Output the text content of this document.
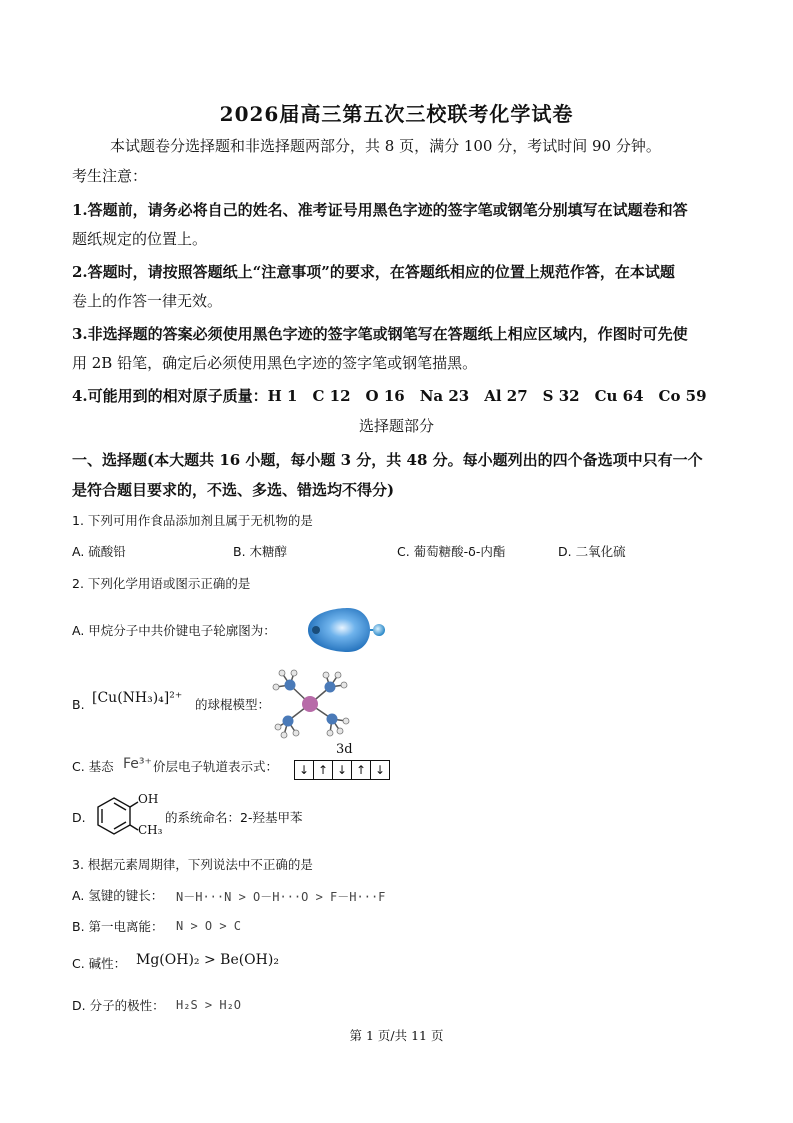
2026届高三第五次三校联考化学试卷
本试题卷分选择题和非选择题两部分，共 8 页，满分 100 分，考试时间 90 分钟。
考生注意：
1.答题前，请务必将自己的姓名、准考证号用黑色字迹的签字笔或钢笔分别填写在试题卷和答
题纸规定的位置上。
2.答题时，请按照答题纸上“注意事项”的要求，在答题纸相应的位置上规范作答，在本试题
卷上的作答一律无效。
3.非选择题的答案必须使用黑色字迹的签字笔或钢笔写在答题纸上相应区域内，作图时可先使
用 2B 铅笔，确定后必须使用黑色字迹的签字笔或钢笔描黑。
4.可能用到的相对原子质量：H 1　C 12　O 16　Na 23　Al 27　S 32　Cu 64　Co 59
选择题部分
一、选择题(本大题共 16 小题，每小题 3 分，共 48 分。每小题列出的四个备选项中只有一个
是符合题目要求的，不选、多选、错选均不得分)
1. 下列可用作食品添加剂且属于无机物的是
A. 硫酸铅	B. 木糖醇	C. 葡萄糖酸-δ-内酯	D. 二氧化硫
2. 下列化学用语或图示正确的是
A. 甲烷分子中共价键电子轮廓图为：
B. [Cu(NH₃)₄]²⁺ 的球棍模型：
C. 基态 Fe³⁺ 价层电子轨道表示式：
3d
↓ ↑ ↓ ↑ ↓
D.
OH
CH₃
的系统命名：2-羟基甲苯
3. 根据元素周期律，下列说法中不正确的是
A. 氢键的键长： N－H···N > O－H···O > F－H···F
B. 第一电离能： N > O > C
C. 碱性： Mg(OH)₂ > Be(OH)₂
D. 分子的极性： H₂S > H₂O
第 1 页/共 11 页
